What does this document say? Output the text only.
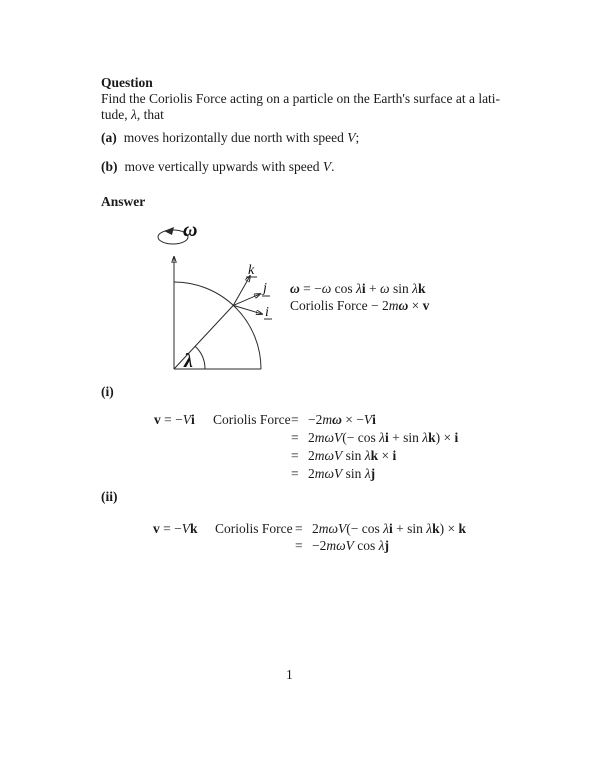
Question
Find the Coriolis Force acting on a particle on the Earth's surface at a lati-
tude, λ, that
(a) moves horizontally due north with speed V;
(b) move vertically upwards with speed V.
Answer
ω
λ
k
j
i
ω = −ω cos λi + ω sin λk
Coriolis Force − 2mω × v
(i)
v = −Vi Coriolis Force = −2mω × −Vi
= 2mωV(− cos λi + sin λk) × i
= 2mωV sin λk × i
= 2mωV sin λj
(ii)
v = −Vk Coriolis Force = 2mωV(− cos λi + sin λk) × k
= −2mωV cos λj
1
